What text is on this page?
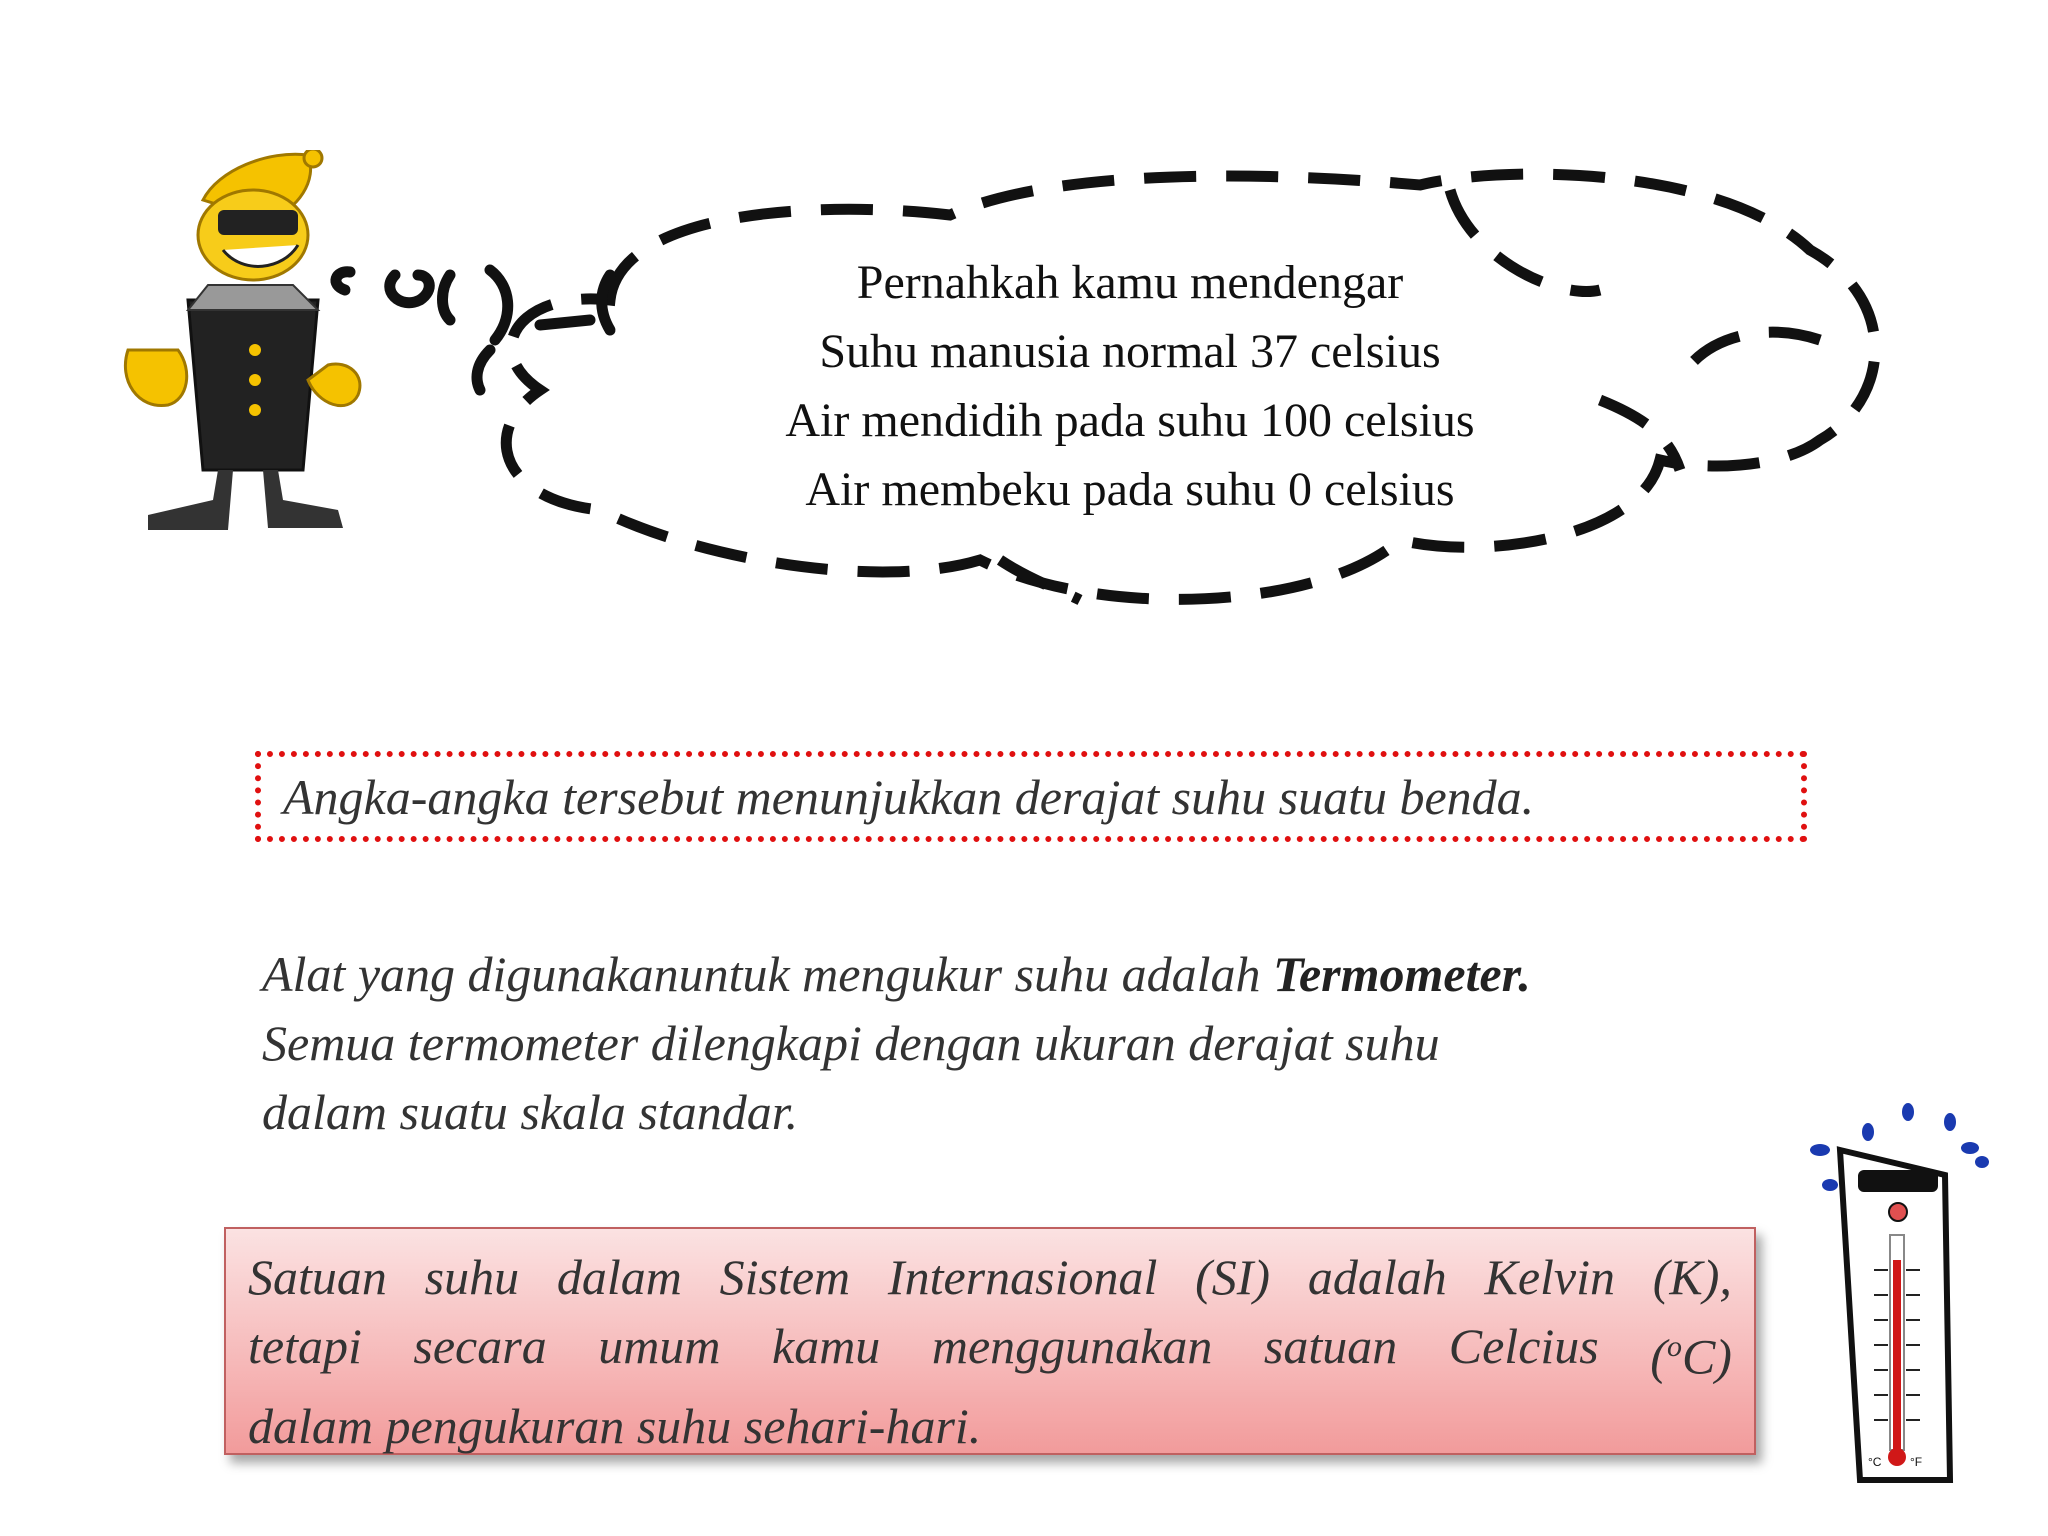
Pernahkah kamu mendengar
Suhu manusia normal 37 celsius
Air mendidih pada suhu 100 celsius
Air membeku pada suhu 0 celsius
Angka-angka tersebut menunjukkan derajat suhu suatu benda.
Alat yang digunakanuntuk mengukur suhu adalah Termometer.
Semua termometer dilengkapi dengan ukuran derajat suhu
dalam suatu skala standar.
Satuan suhu dalam Sistem Internasional (SI) adalah Kelvin (K),
tetapi secara umum kamu menggunakan satuan Celcius ($^o$C)
dalam pengukuran suhu sehari-hari.
°C °F
